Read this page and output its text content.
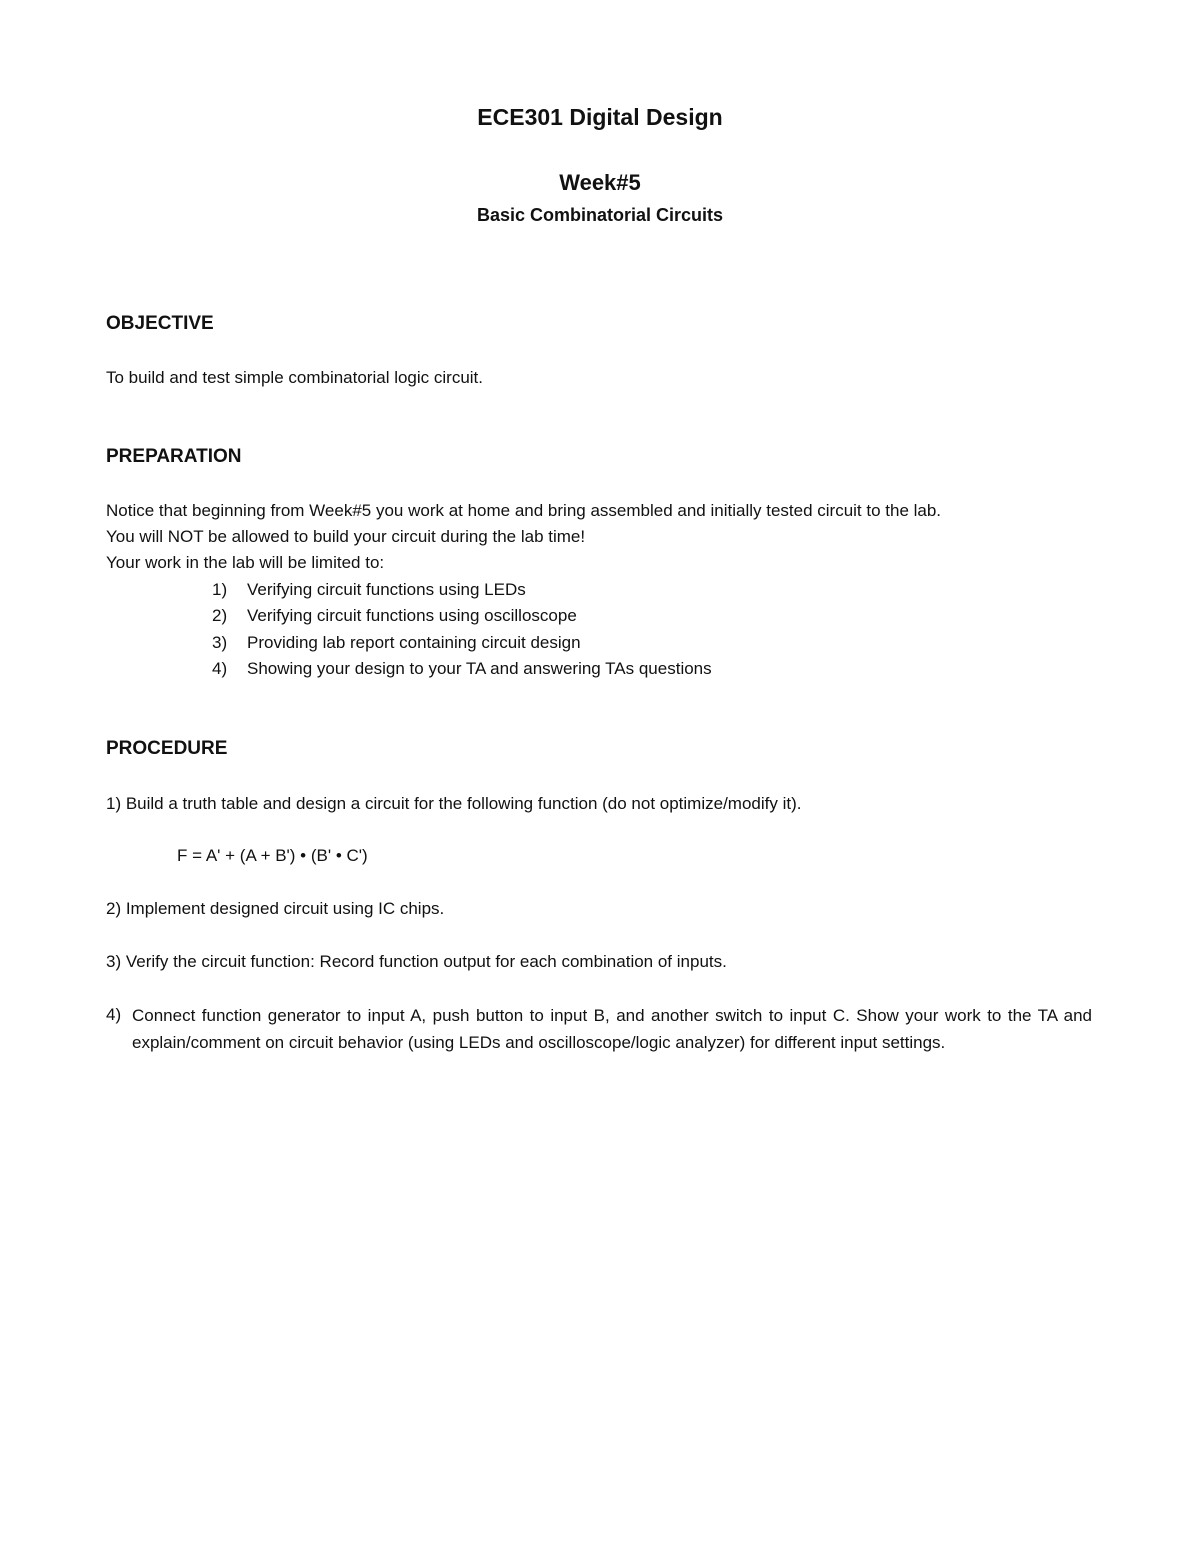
ECE301 Digital Design
Week#5
Basic Combinatorial Circuits
OBJECTIVE
To build and test simple combinatorial logic circuit.
PREPARATION
Notice that beginning from Week#5 you work at home and bring assembled and initially tested circuit to the lab.
You will NOT be allowed to build your circuit during the lab time!
Your work in the lab will be limited to:
1)	Verifying circuit functions using LEDs
2)	Verifying circuit functions using oscilloscope
3)	Providing lab report containing circuit design
4)	Showing your design to your TA and answering TAs questions
PROCEDURE
1) Build a truth table and design a circuit for the following function (do not optimize/modify it).
F = A' + (A + B') • (B' • C')
2) Implement designed circuit using IC chips.
3) Verify the circuit function: Record function output for each combination of inputs.
4) Connect function generator to input A, push button to input B, and another switch to input C. Show your work to the TA and explain/comment on circuit behavior (using LEDs and oscilloscope/logic analyzer) for different input settings.
